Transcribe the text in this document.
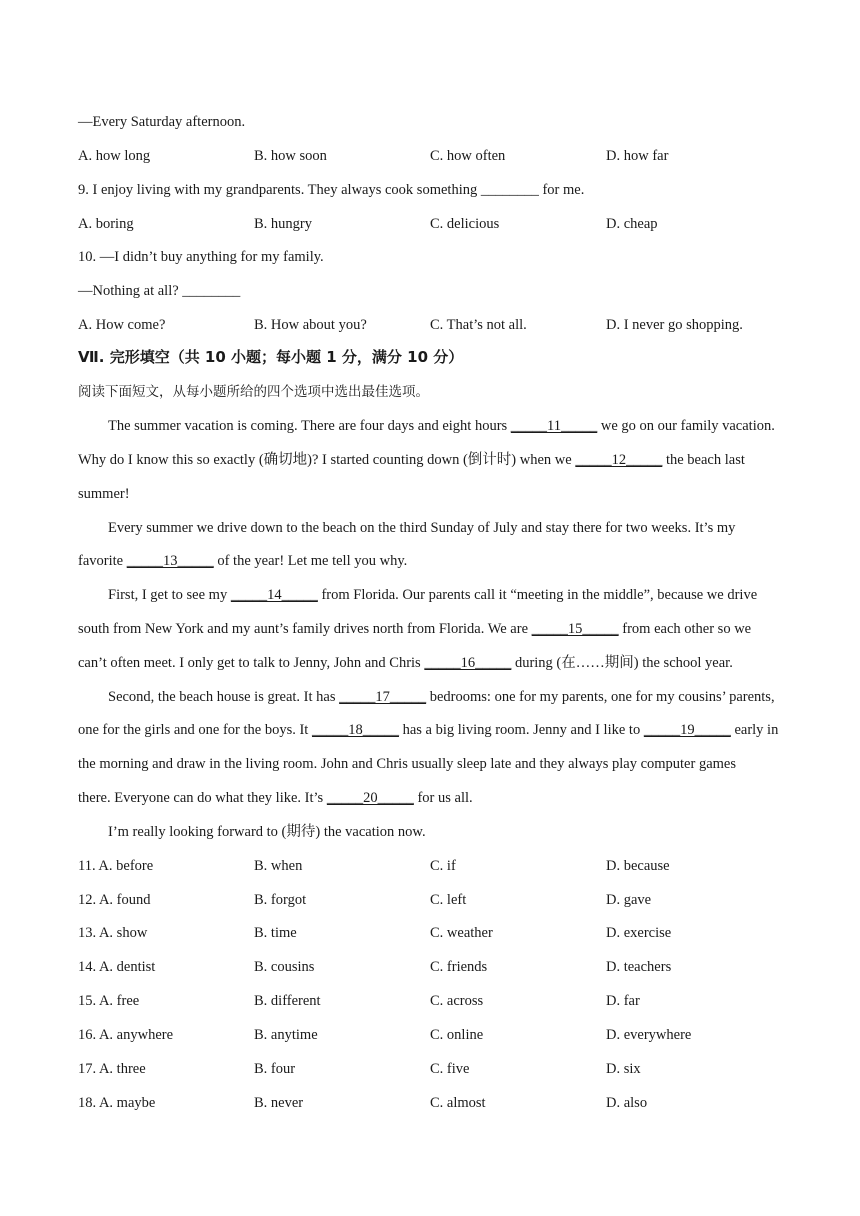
—Every Saturday afternoon.
A. how long	B. how soon	C. how often	D. how far
9. I enjoy living with my grandparents. They always cook something ________ for me.
A. boring	B. hungry	C. delicious	D. cheap
10. —I didn’t buy anything for my family.
—Nothing at all? ________
A. How come?	B. How about you?	C. That’s not all.	D. I never go shopping.
Ⅶ. 完形填空（共 10 小题；每小题 1 分，满分 10 分）
阅读下面短文，从每小题所给的四个选项中选出最佳选项。
The summer vacation is coming. There are four days and eight hours _____11_____ we go on our family vacation.
Why do I know this so exactly (确切地)? I started counting down (倒计时) when we _____12_____ the beach last
summer!
Every summer we drive down to the beach on the third Sunday of July and stay there for two weeks. It’s my
favorite _____13_____ of the year! Let me tell you why.
First, I get to see my _____14_____ from Florida. Our parents call it “meeting in the middle”, because we drive
south from New York and my aunt’s family drives north from Florida. We are _____15_____ from each other so we
can’t often meet. I only get to talk to Jenny, John and Chris _____16_____ during (在……期间) the school year.
Second, the beach house is great. It has _____17_____ bedrooms: one for my parents, one for my cousins’ parents,
one for the girls and one for the boys. It _____18_____ has a big living room. Jenny and I like to _____19_____ early in
the morning and draw in the living room. John and Chris usually sleep late and they always play computer games
there. Everyone can do what they like. It’s _____20_____ for us all.
I’m really looking forward to (期待) the vacation now.
11. A. before	B. when	C. if	D. because
12. A. found	B. forgot	C. left	D. gave
13. A. show	B. time	C. weather	D. exercise
14. A. dentist	B. cousins	C. friends	D. teachers
15. A. free	B. different	C. across	D. far
16. A. anywhere	B. anytime	C. online	D. everywhere
17. A. three	B. four	C. five	D. six
18. A. maybe	B. never	C. almost	D. also
